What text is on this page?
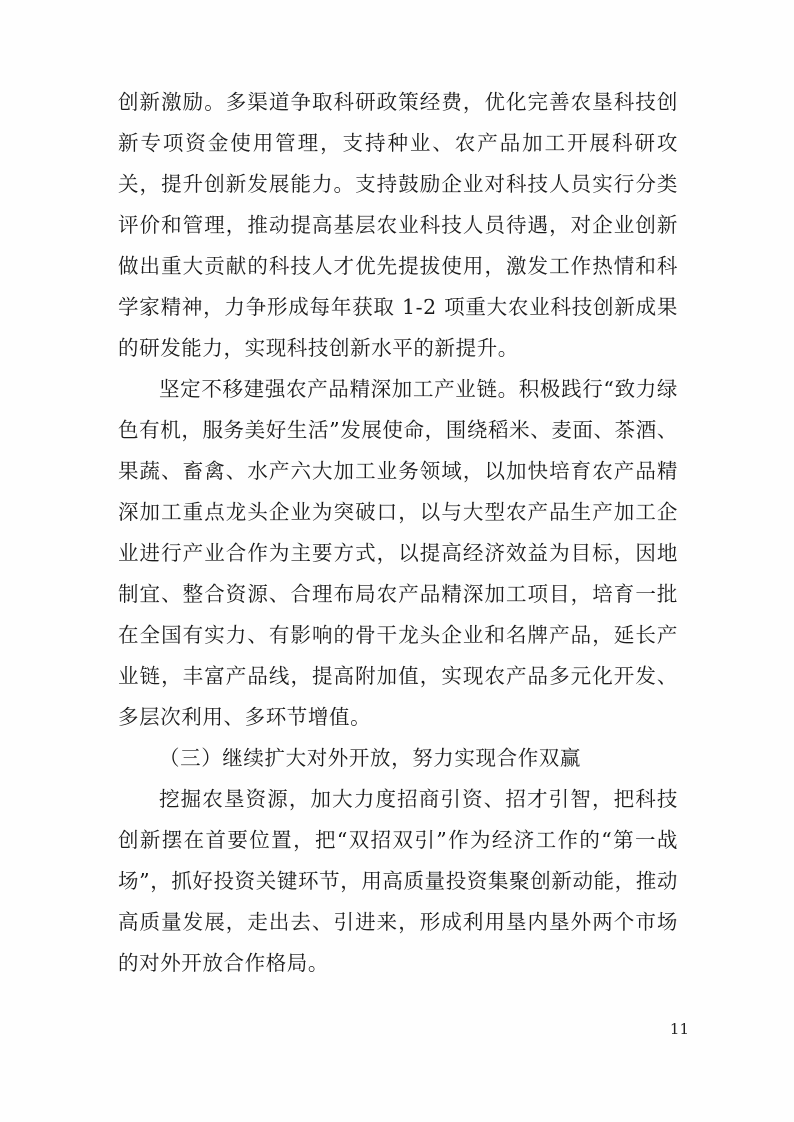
创新激励。多渠道争取科研政策经费，优化完善农垦科技创新专项资金使用管理，支持种业、农产品加工开展科研攻关，提升创新发展能力。支持鼓励企业对科技人员实行分类评价和管理，推动提高基层农业科技人员待遇，对企业创新做出重大贡献的科技人才优先提拔使用，激发工作热情和科学家精神，力争形成每年获取 1-2 项重大农业科技创新成果的研发能力，实现科技创新水平的新提升。

坚定不移建强农产品精深加工产业链。积极践行“致力绿色有机，服务美好生活”发展使命，围绕稻米、麦面、茶酒、果蔬、畜禽、水产六大加工业务领域，以加快培育农产品精深加工重点龙头企业为突破口，以与大型农产品生产加工企业进行产业合作为主要方式，以提高经济效益为目标，因地制宜、整合资源、合理布局农产品精深加工项目，培育一批在全国有实力、有影响的骨干龙头企业和名牌产品，延长产业链，丰富产品线，提高附加值，实现农产品多元化开发、多层次利用、多环节增值。

（三）继续扩大对外开放，努力实现合作双赢

挖掘农垦资源，加大力度招商引资、招才引智，把科技创新摆在首要位置，把“双招双引”作为经济工作的“第一战场”，抓好投资关键环节，用高质量投资集聚创新动能，推动高质量发展，走出去、引进来，形成利用垦内垦外两个市场的对外开放合作格局。

11
